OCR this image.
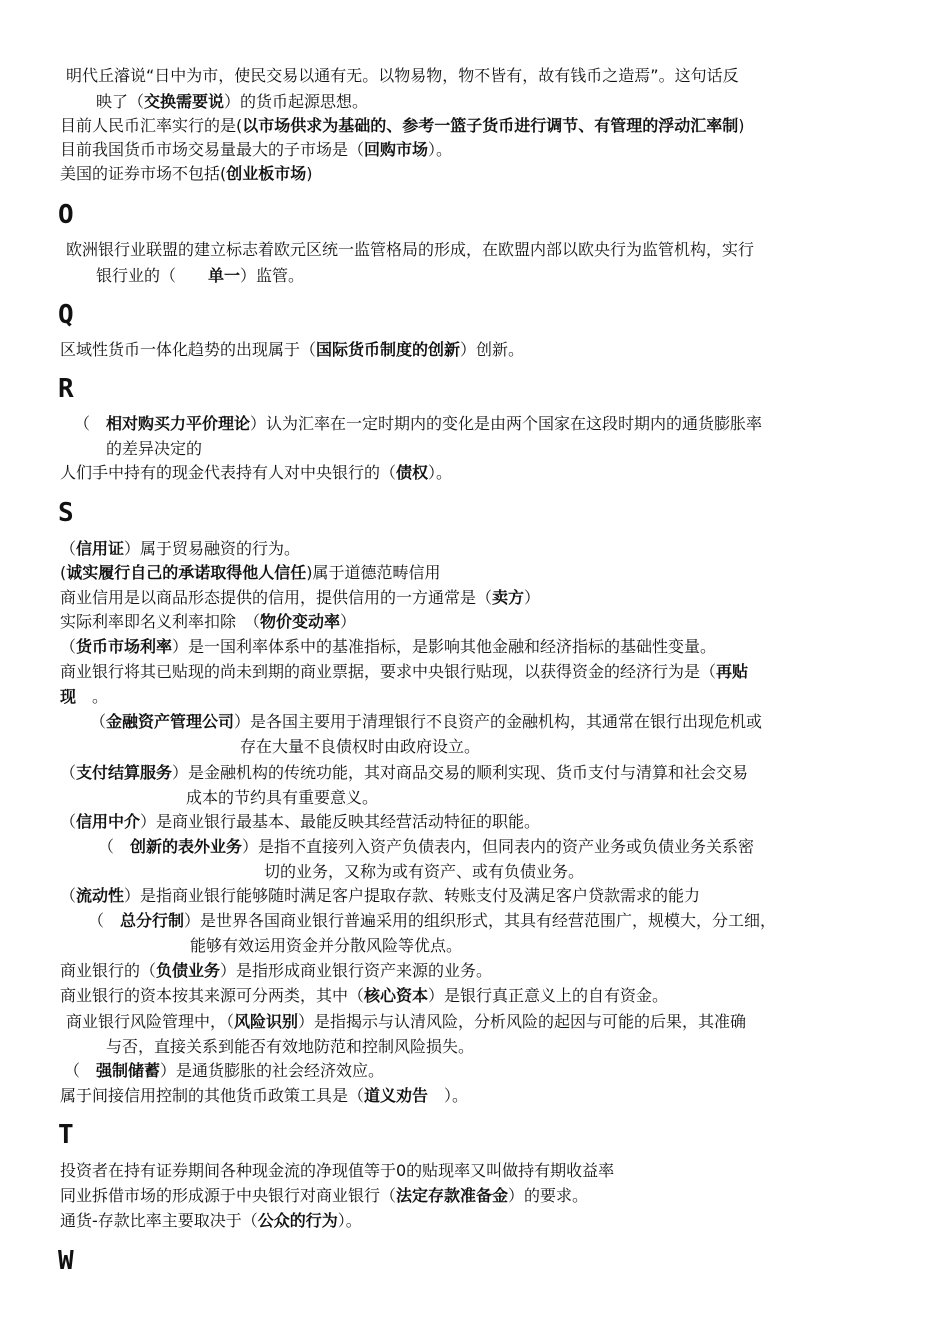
明代丘濬说“日中为市，使民交易以通有无。以物易物，物不皆有，故有钱币之造焉”。这句话反
映了（交换需要说）的货币起源思想。
目前人民币汇率实行的是(以市场供求为基础的、参考一篮子货币进行调节、有管理的浮动汇率制)
目前我国货币市场交易量最大的子市场是（回购市场）。
美国的证券市场不包括(创业板市场)
O
欧洲银行业联盟的建立标志着欧元区统一监管格局的形成，在欧盟内部以欧央行为监管机构，实行
银行业的（　　单一）监管。
Q
区域性货币一体化趋势的出现属于（国际货币制度的创新）创新。
R
（　相对购买力平价理论）认为汇率在一定时期内的变化是由两个国家在这段时期内的通货膨胀率
的差异决定的
人们手中持有的现金代表持有人对中央银行的（债权）。
S
（信用证）属于贸易融资的行为。
(诚实履行自己的承诺取得他人信任)属于道德范畴信用
商业信用是以商品形态提供的信用，提供信用的一方通常是（卖方）
实际利率即名义利率扣除　（物价变动率）
（货币市场利率）是一国利率体系中的基准指标，是影响其他金融和经济指标的基础性变量。
商业银行将其已贴现的尚未到期的商业票据，要求中央银行贴现，以获得资金的经济行为是（再贴
现　。
（金融资产管理公司）是各国主要用于清理银行不良资产的金融机构，其通常在银行出现危机或
存在大量不良债权时由政府设立。
（支付结算服务）是金融机构的传统功能，其对商品交易的顺利实现、货币支付与清算和社会交易
成本的节约具有重要意义。
（信用中介）是商业银行最基本、最能反映其经营活动特征的职能。
（　创新的表外业务）是指不直接列入资产负债表内，但同表内的资产业务或负债业务关系密
切的业务，又称为或有资产、或有负债业务。
（流动性）是指商业银行能够随时满足客户提取存款、转账支付及满足客户贷款需求的能力
（　总分行制）是世界各国商业银行普遍采用的组织形式，其具有经营范围广，规模大，分工细，
能够有效运用资金并分散风险等优点。
商业银行的（负债业务）是指形成商业银行资产来源的业务。
商业银行的资本按其来源可分两类，其中（核心资本）是银行真正意义上的自有资金。
商业银行风险管理中，（风险识别）是指揭示与认清风险，分析风险的起因与可能的后果，其准确
与否，直接关系到能否有效地防范和控制风险损失。
（　强制储蓄）是通货膨胀的社会经济效应。
属于间接信用控制的其他货币政策工具是（道义劝告　）。
T
投资者在持有证券期间各种现金流的净现值等于0的贴现率又叫做持有期收益率
同业拆借市场的形成源于中央银行对商业银行（法定存款准备金）的要求。
通货-存款比率主要取决于（公众的行为）。
W
